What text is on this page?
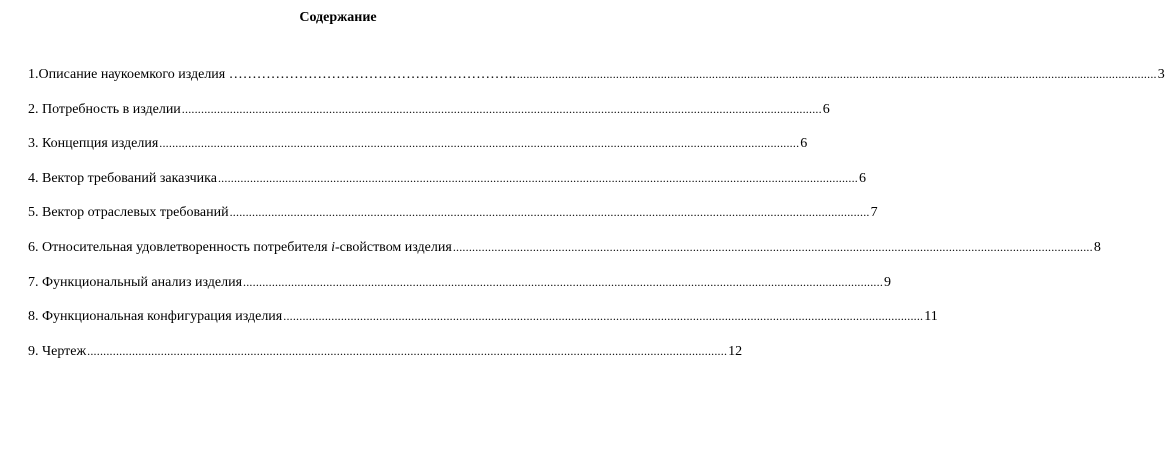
Содержание
1.Описание наукоемкого изделия …………………………………………………….. ........................................................................................................................................................................................................ 3
2. Потребность в изделии ........................................................................................................................................................................................................ 6
3. Концепция изделия ........................................................................................................................................................................................................ 6
4. Вектор требований заказчика ........................................................................................................................................................................................................ 6
5. Вектор отраслевых требований ........................................................................................................................................................................................................ 7
6. Относительная удовлетворенность потребителя i-свойством изделия ........................................................................................................................................................................................................ 8
7. Функциональный анализ изделия ........................................................................................................................................................................................................ 9
8. Функциональная конфигурация изделия ........................................................................................................................................................................................................ 11
9. Чертеж ........................................................................................................................................................................................................ 12
